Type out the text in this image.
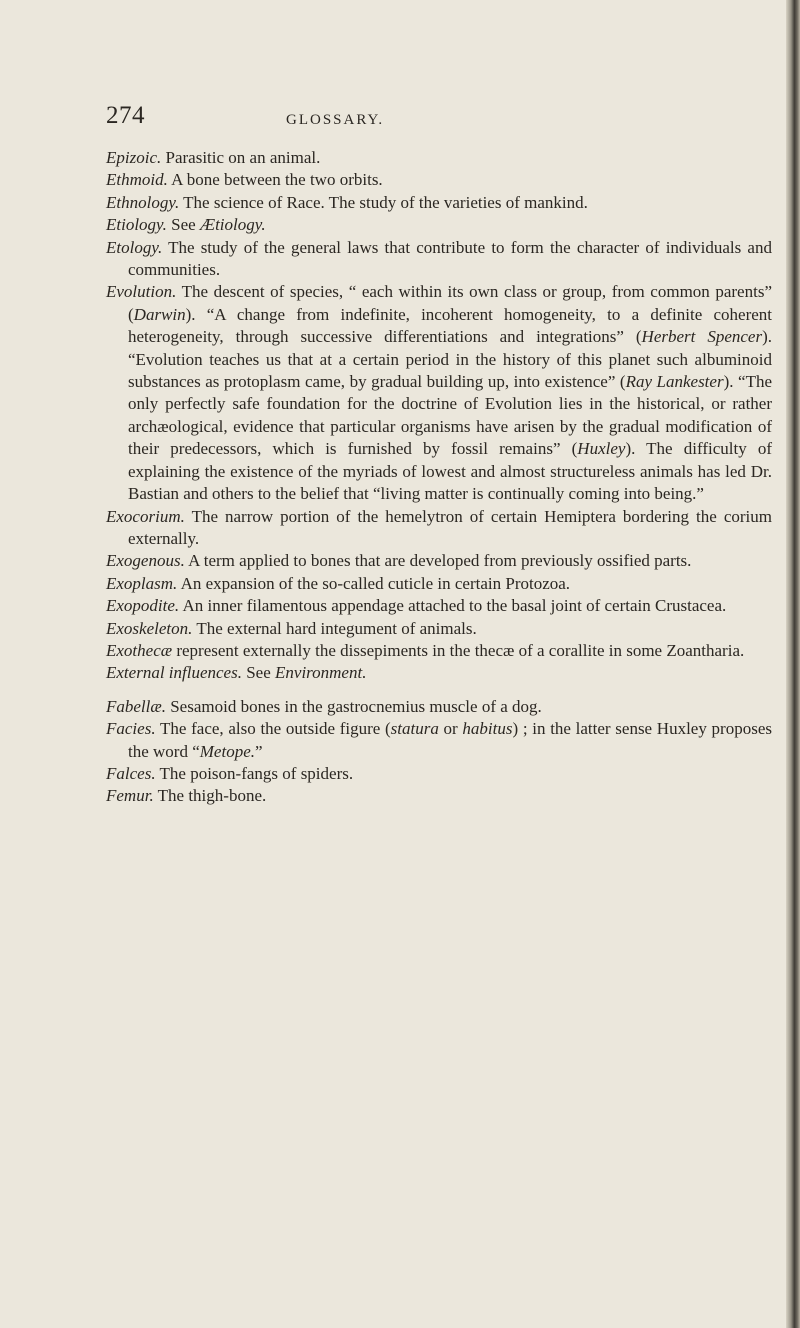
274	GLOSSARY.

Epizoic. Parasitic on an animal.

Ethmoid. A bone between the two orbits.

Ethnology. The science of Race. The study of the varieties of mankind.

Etiology. See Ætiology.

Etology. The study of the general laws that contribute to form the character of individuals and communities.

Evolution. The descent of species, “ each within its own class or group, from common parents” (Darwin). “A change from indefinite, incoherent homogeneity, to a definite coherent heterogeneity, through successive differentiations and integrations” (Herbert Spencer). “Evolution teaches us that at a certain period in the history of this planet such albuminoid substances as protoplasm came, by gradual building up, into existence” (Ray Lankester). “The only perfectly safe foundation for the doctrine of Evolution lies in the historical, or rather archæological, evidence that particular organisms have arisen by the gradual modification of their predecessors, which is furnished by fossil remains” (Huxley). The difficulty of explaining the existence of the myriads of lowest and almost structureless animals has led Dr. Bastian and others to the belief that “living matter is continually coming into being.”

Exocorium. The narrow portion of the hemelytron of certain Hemiptera bordering the corium externally.

Exogenous. A term applied to bones that are developed from previously ossified parts.

Exoplasm. An expansion of the so-called cuticle in certain Protozoa.

Exopodite. An inner filamentous appendage attached to the basal joint of certain Crustacea.

Exoskeleton. The external hard integument of animals.

Exothecæ represent externally the dissepiments in the thecæ of a corallite in some Zoantharia.

External influences. See Environment.

Fabellæ. Sesamoid bones in the gastrocnemius muscle of a dog.

Facies. The face, also the outside figure (statura or habitus) ; in the latter sense Huxley proposes the word “Metope.”

Falces. The poison-fangs of spiders.

Femur. The thigh-bone.
